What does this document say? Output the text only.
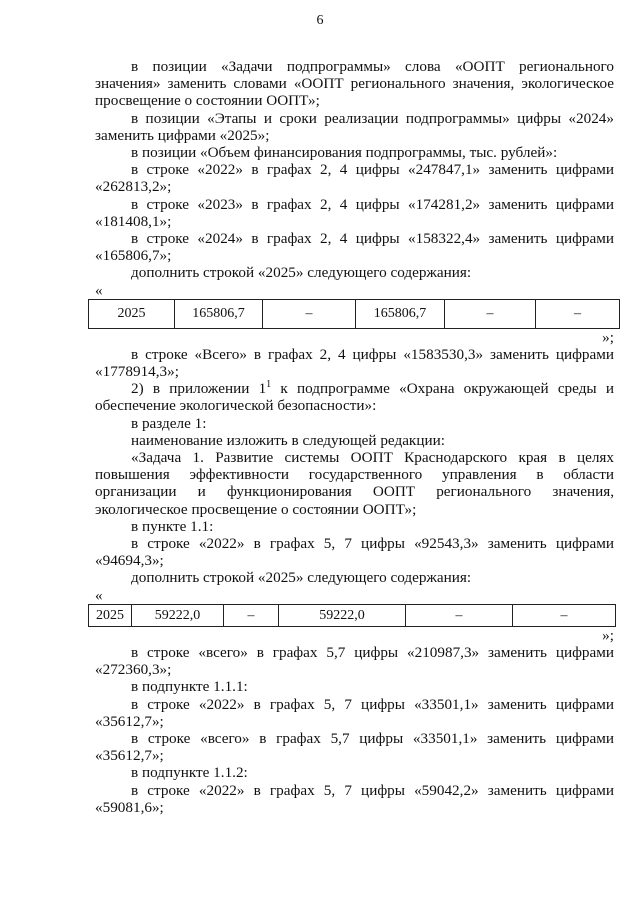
6

в позиции «Задачи подпрограммы» слова «ООПТ регионального значения» заменить словами «ООПТ регионального значения, экологическое просвещение о состоянии ООПТ»;

в позиции «Этапы и сроки реализации подпрограммы» цифры «2024» заменить цифрами «2025»;

в позиции «Объем финансирования подпрограммы, тыс. рублей»:

в строке «2022» в графах 2, 4 цифры «247847,1» заменить цифрами «262813,2»;

в строке «2023» в графах 2, 4 цифры «174281,2» заменить цифрами «181408,1»;

в строке «2024» в графах 2, 4 цифры «158322,4» заменить цифрами «165806,7»;

дополнить строкой «2025» следующего содержания:

«

2025	165806,7	–	165806,7	–	–

»;

в строке «Всего» в графах 2, 4 цифры «1583530,3» заменить цифрами «1778914,3»;

2) в приложении $1^1$ к подпрограмме «Охрана окружающей среды и обеспечение экологической безопасности»:

в разделе 1:

наименование изложить в следующей редакции:

«Задача 1. Развитие системы ООПТ Краснодарского края в целях повышения эффективности государственного управления в области организации и функционирования ООПТ регионального значения, экологическое просвещение о состоянии ООПТ»;

в пункте 1.1:

в строке «2022» в графах 5, 7 цифры «92543,3» заменить цифрами «94694,3»;

дополнить строкой «2025» следующего содержания:

«

2025	59222,0	–	59222,0	–	–

»;

в строке «всего» в графах 5,7 цифры «210987,3» заменить цифрами «272360,3»;

в подпункте 1.1.1:

в строке «2022» в графах 5, 7 цифры «33501,1» заменить цифрами «35612,7»;

в строке «всего» в графах 5,7 цифры «33501,1» заменить цифрами «35612,7»;

в подпункте 1.1.2:

в строке «2022» в графах 5, 7 цифры «59042,2» заменить цифрами «59081,6»;
